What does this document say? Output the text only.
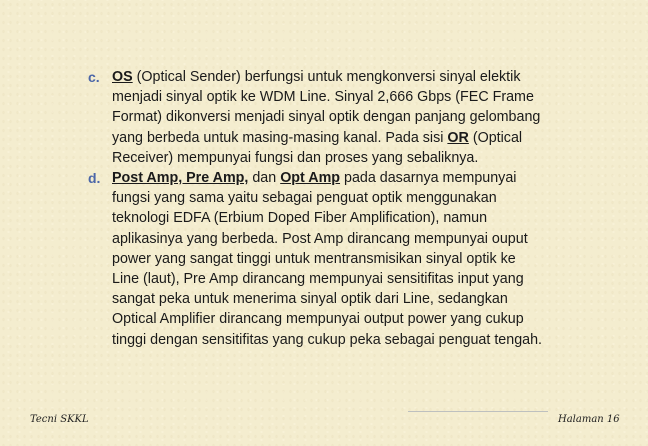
c. OS (Optical Sender) berfungsi untuk mengkonversi sinyal elektik
menjadi sinyal optik ke WDM Line. Sinyal 2,666 Gbps (FEC Frame
Format) dikonversi menjadi sinyal optik dengan panjang gelombang
yang berbeda untuk masing-masing kanal. Pada sisi OR (Optical
Receiver) mempunyai fungsi dan proses yang sebaliknya.
d. Post Amp, Pre Amp, dan Opt Amp pada dasarnya mempunyai
fungsi yang sama yaitu sebagai penguat optik menggunakan
teknologi EDFA (Erbium Doped Fiber Amplification), namun
aplikasinya yang berbeda. Post Amp dirancang mempunyai ouput
power yang sangat tinggi untuk mentransmisikan sinyal optik ke
Line (laut), Pre Amp dirancang mempunyai sensitifitas input yang
sangat peka untuk menerima sinyal optik dari Line, sedangkan
Optical Amplifier dirancang mempunyai output power yang cukup
tinggi dengan sensitifitas yang cukup peka sebagai penguat tengah.
Tecni SKKL	Halaman 16
